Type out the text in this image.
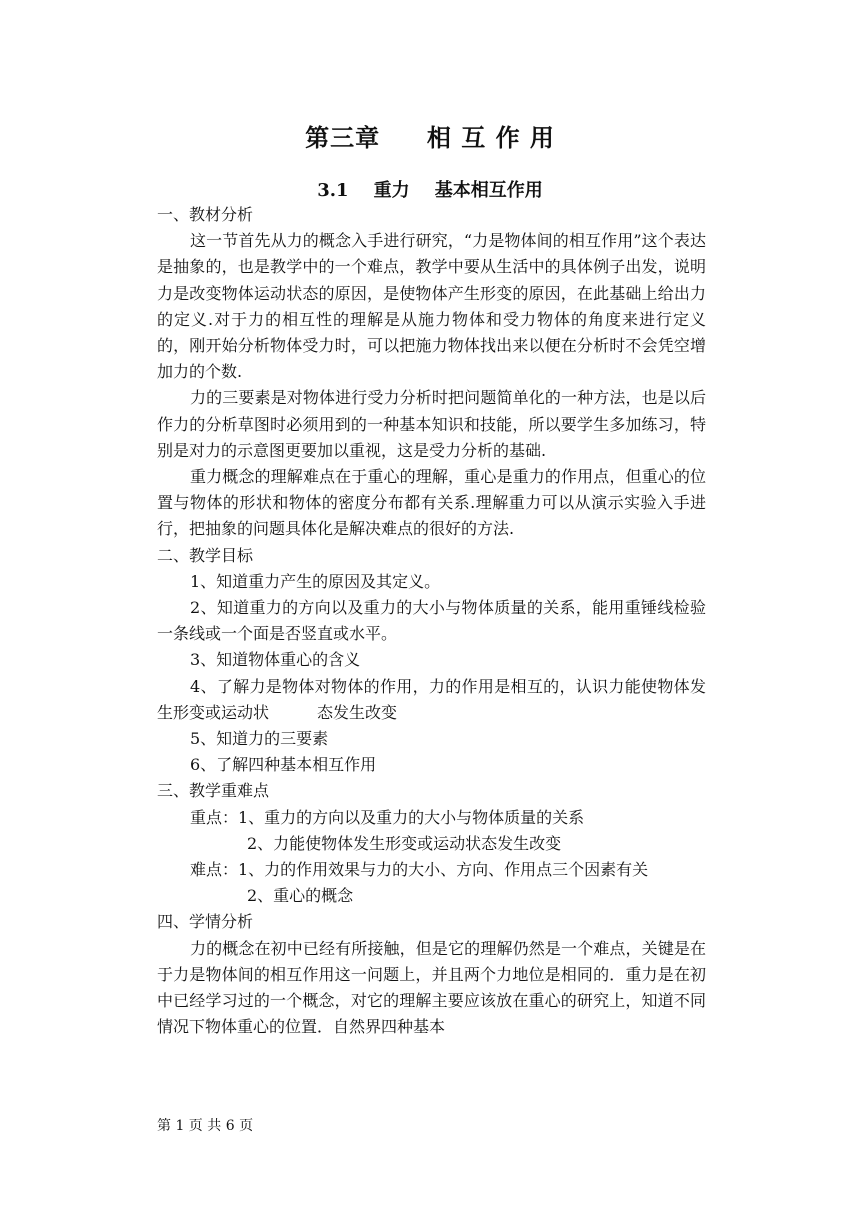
第三章     相 互 作 用
3.1    重力    基本相互作用

一、教材分析

这一节首先从力的概念入手进行研究，“力是物体间的相互作用”这个表达是抽象的，也是教学中的一个难点，教学中要从生活中的具体例子出发，说明力是改变物体运动状态的原因，是使物体产生形变的原因，在此基础上给出力的定义.对于力的相互性的理解是从施力物体和受力物体的角度来进行定义的，刚开始分析物体受力时，可以把施力物体找出来以便在分析时不会凭空增加力的个数.

力的三要素是对物体进行受力分析时把问题简单化的一种方法，也是以后作力的分析草图时必须用到的一种基本知识和技能，所以要学生多加练习，特别是对力的示意图更要加以重视，这是受力分析的基础.

重力概念的理解难点在于重心的理解，重心是重力的作用点，但重心的位置与物体的形状和物体的密度分布都有关系.理解重力可以从演示实验入手进行，把抽象的问题具体化是解决难点的很好的方法.

二、教学目标

1、知道重力产生的原因及其定义。

2、知道重力的方向以及重力的大小与物体质量的关系，能用重锤线检验一条线或一个面是否竖直或水平。

3、知道物体重心的含义

4、了解力是物体对物体的作用，力的作用是相互的，认识力能使物体发生形变或运动状　　　态发生改变

5、知道力的三要素

6、了解四种基本相互作用

三、教学重难点

重点：1、重力的方向以及重力的大小与物体质量的关系

2、力能使物体发生形变或运动状态发生改变

难点：1、力的作用效果与力的大小、方向、作用点三个因素有关

2、重心的概念

四、学情分析

力的概念在初中已经有所接触，但是它的理解仍然是一个难点，关键是在于力是物体间的相互作用这一问题上，并且两个力地位是相同的．重力是在初中已经学习过的一个概念，对它的理解主要应该放在重心的研究上，知道不同情况下物体重心的位置．自然界四种基本

第 1 页 共 6 页
